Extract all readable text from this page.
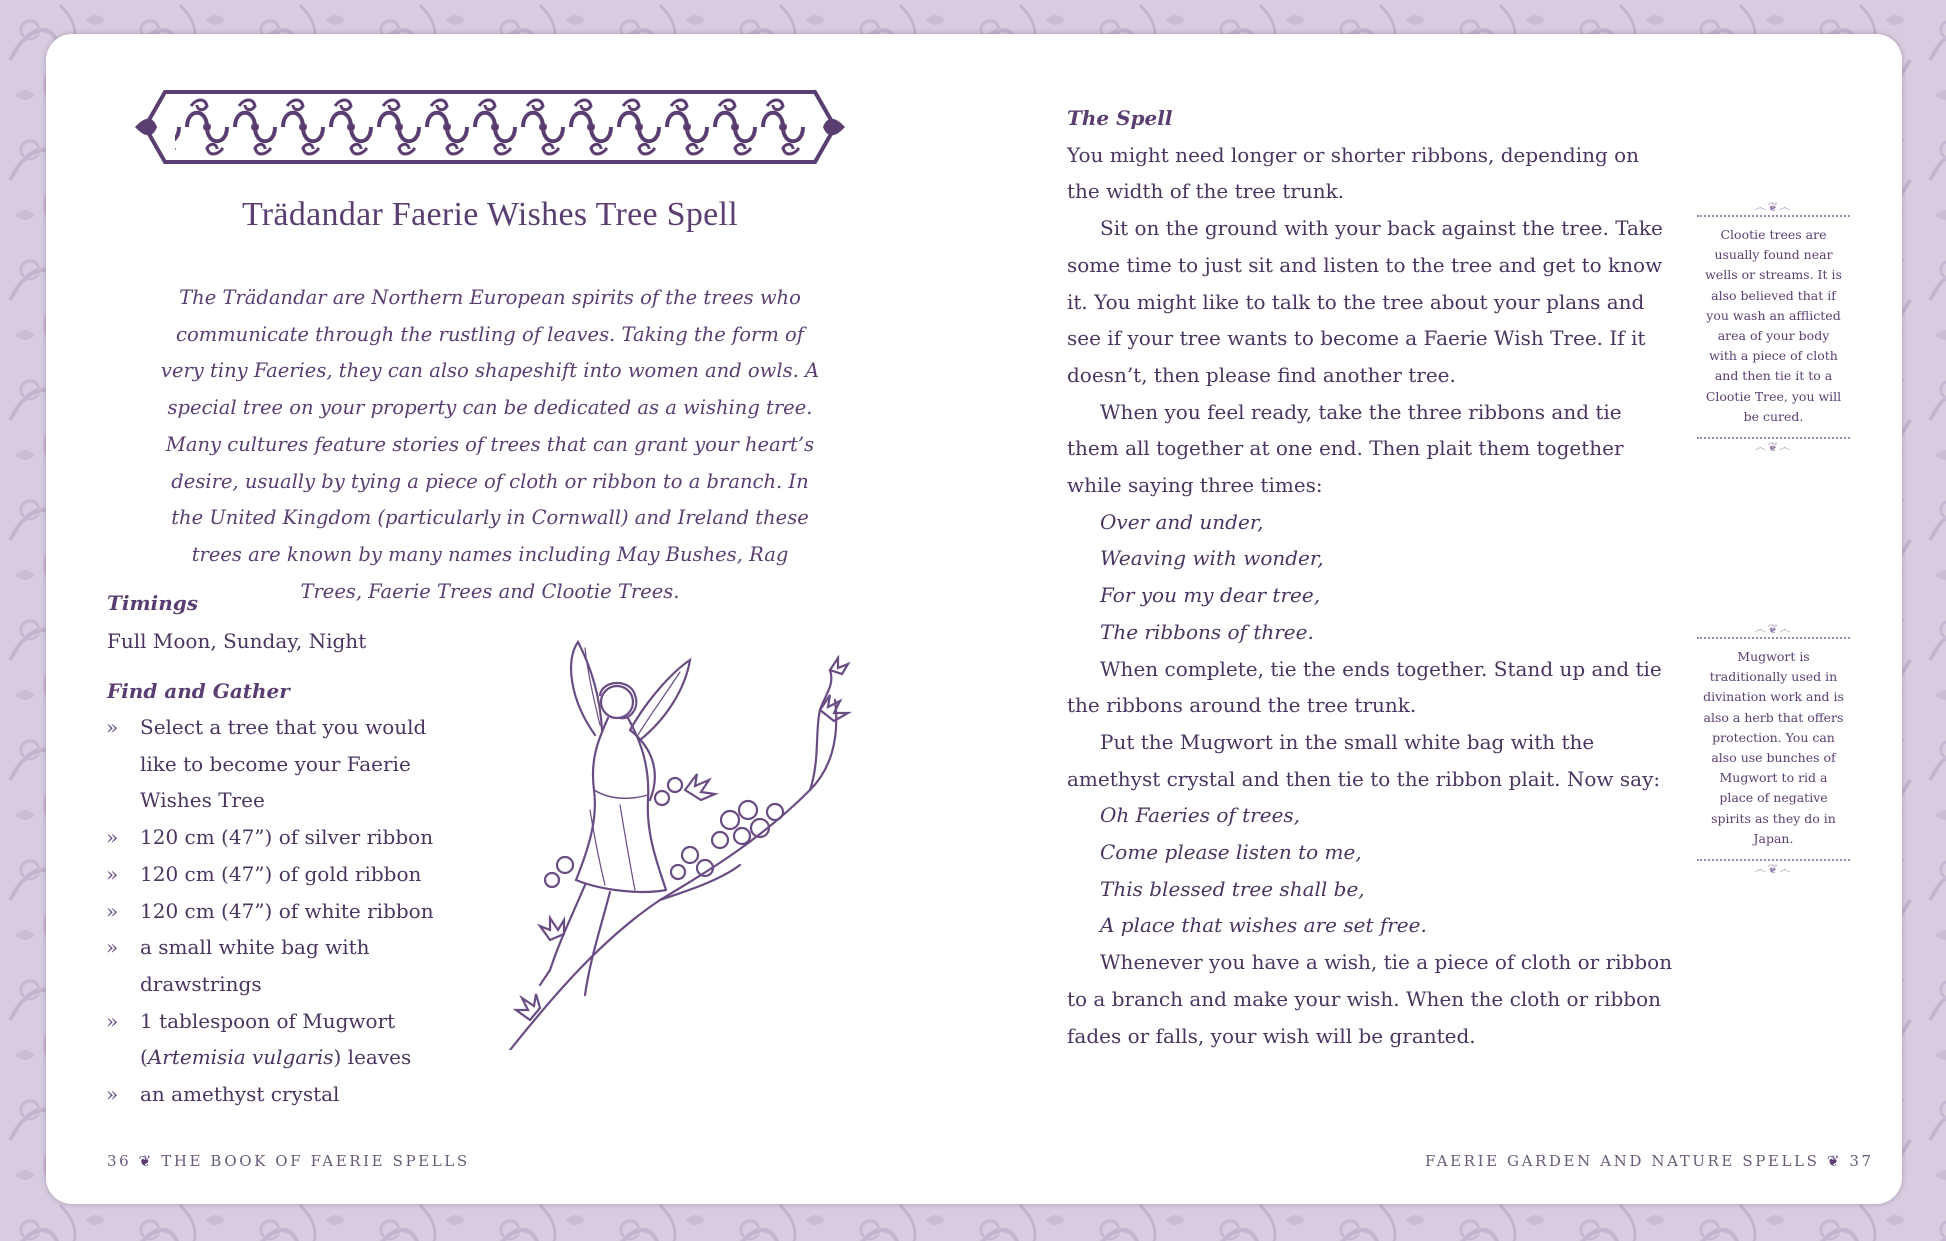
Trädandar Faerie Wishes Tree Spell
The Trädandar are Northern European spirits of the trees who communicate through the rustling of leaves. Taking the form of very tiny Faeries, they can also shapeshift into women and owls. A special tree on your property can be dedicated as a wishing tree. Many cultures feature stories of trees that can grant your heart’s desire, usually by tying a piece of cloth or ribbon to a branch. In the United Kingdom (particularly in Cornwall) and Ireland these trees are known by many names including May Bushes, Rag Trees, Faerie Trees and Clootie Trees.
Timings
Full Moon, Sunday, Night
Find and Gather
» Select a tree that you would like to become your Faerie Wishes Tree
» 120 cm (47”) of silver ribbon
» 120 cm (47”) of gold ribbon
» 120 cm (47”) of white ribbon
» a small white bag with drawstrings
» 1 tablespoon of Mugwort (Artemisia vulgaris) leaves
» an amethyst crystal

The Spell

You might need longer or shorter ribbons, depending on the width of the tree trunk.

Sit on the ground with your back against the tree. Take some time to just sit and listen to the tree and get to know it. You might like to talk to the tree about your plans and see if your tree wants to become a Faerie Wish Tree. If it doesn’t, then please find another tree.

When you feel ready, take the three ribbons and tie them all together at one end. Then plait them together while saying three times:

Over and under,

Weaving with wonder,

For you my dear tree,

The ribbons of three.

When complete, tie the ends together. Stand up and tie the ribbons around the tree trunk.

Put the Mugwort in the small white bag with the amethyst crystal and then tie to the ribbon plait. Now say:

Oh Faeries of trees,

Come please listen to me,

This blessed tree shall be,

A place that wishes are set free.

Whenever you have a wish, tie a piece of cloth or ribbon to a branch and make your wish. When the cloth or ribbon fades or falls, your wish will be granted.

෴❦෴
Clootie trees are usually found near wells or streams. It is also believed that if you wash an afflicted area of your body with a piece of cloth and then tie it to a Clootie Tree, you will be cured.
෴❦෴
෴❦෴
Mugwort is traditionally used in divination work and is also a herb that offers protection. You can also use bunches of Mugwort to rid a place of negative spirits as they do in Japan.
෴❦෴
36 ❦ THE BOOK OF FAERIE SPELLS	FAERIE GARDEN AND NATURE SPELLS ❦ 37
